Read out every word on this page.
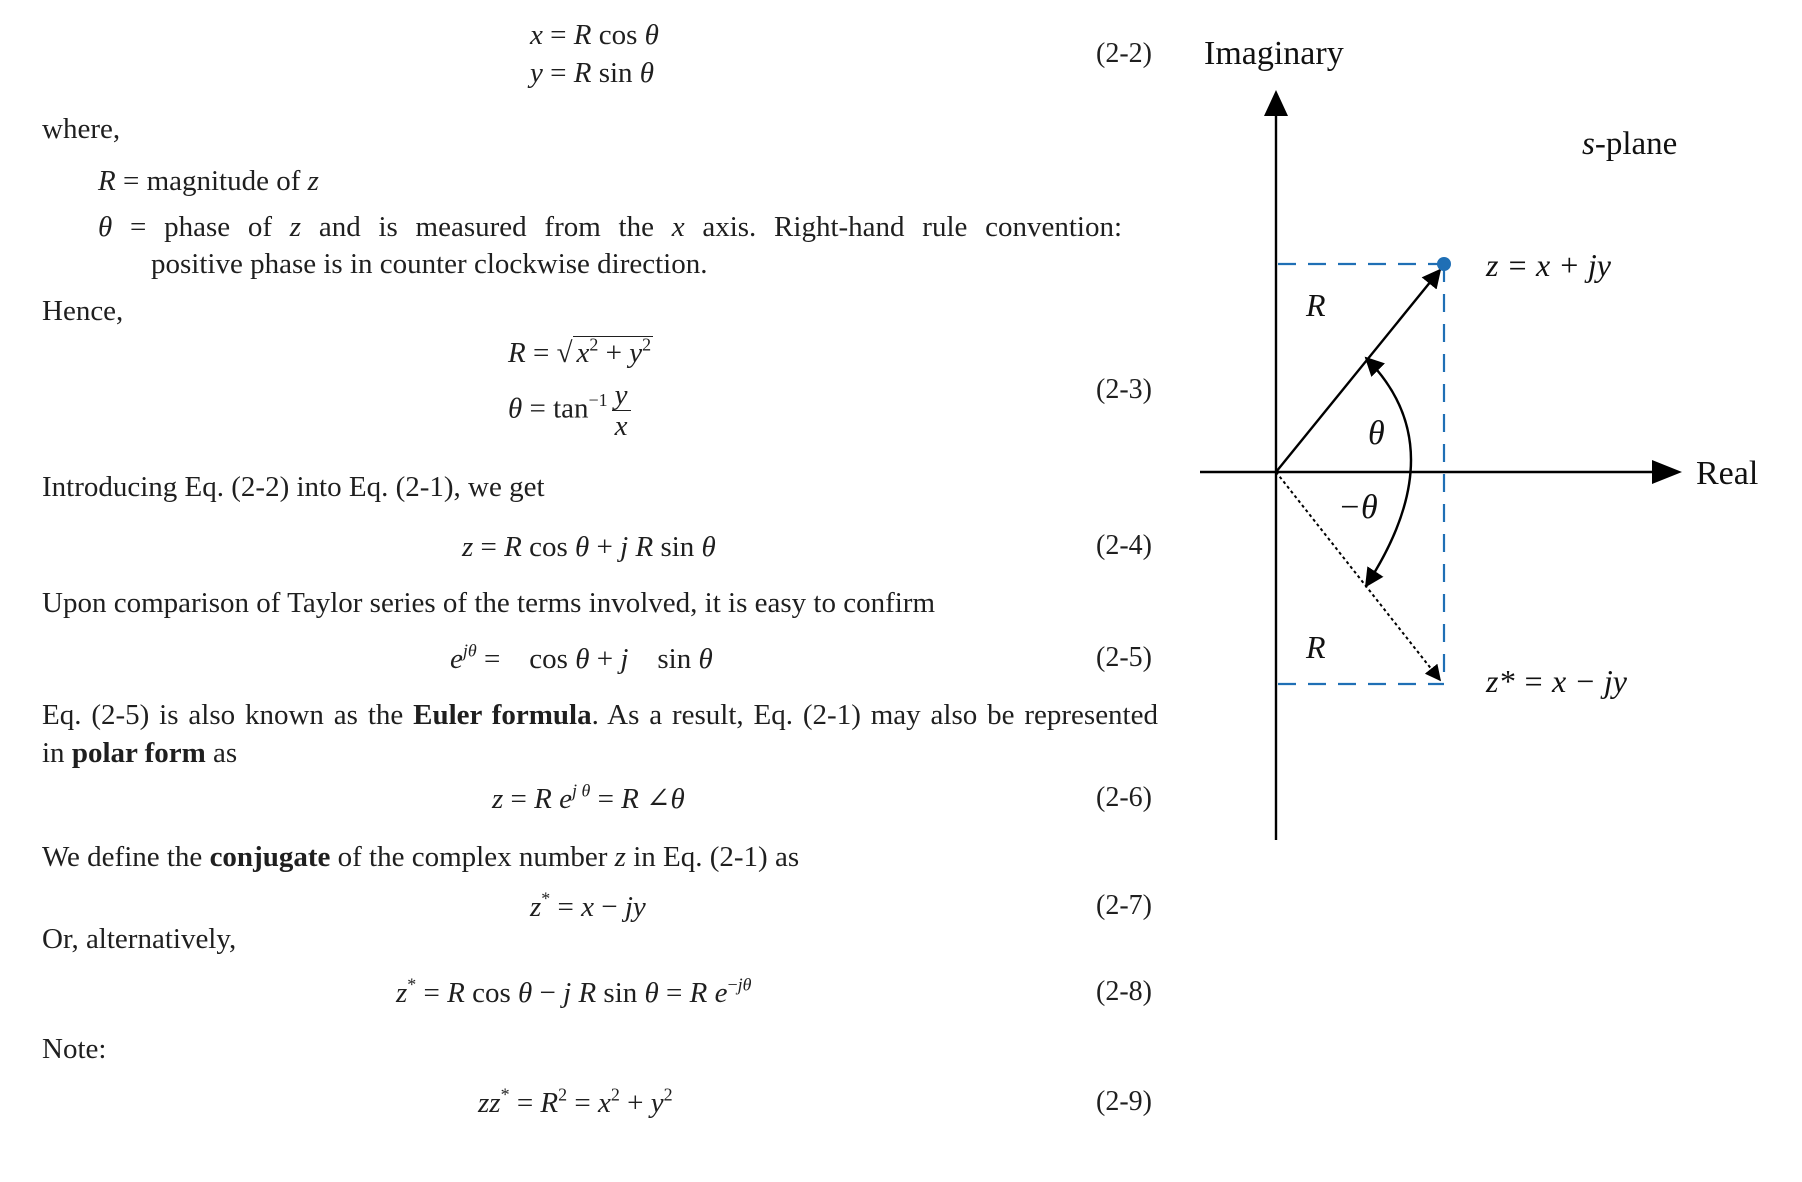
x = R cos θ
y = R sin θ
(2-2)
where,
R = magnitude of z
θ = phase of z and is measured from the x axis. Right-hand rule convention:
positive phase is in counter clockwise direction.
Hence,
R = √ $x^2 + y^2$
$\theta = \tan^{-1} \frac{y}{x}$	(2-3)
Introducing Eq. (2-2) into Eq. (2-1), we get
z = R cos θ + j R sin θ	(2-4)
Upon comparison of Taylor series of the terms involved, it is easy to confirm
$e^{j\theta}$ =    cos θ + j    sin θ	(2-5)
Eq. (2-5) is also known as the Euler formula. As a result, Eq. (2-1) may also be represented
in polar form as
z = R $e^{j \theta} = R$ ∠θ	(2-6)
We define the conjugate of the complex number z in Eq. (2-1) as
z* = x − jy	(2-7)
Or, alternatively,
z* = R cos θ − j R sin θ = R $e^{-j\theta}$	(2-8)
Note:
$zz^* = R^2 = x^2 + y^2$	(2-9)
Imaginary
Real
s-plane
z = x + jy
z* = x − jy
R
R
θ
−θ
